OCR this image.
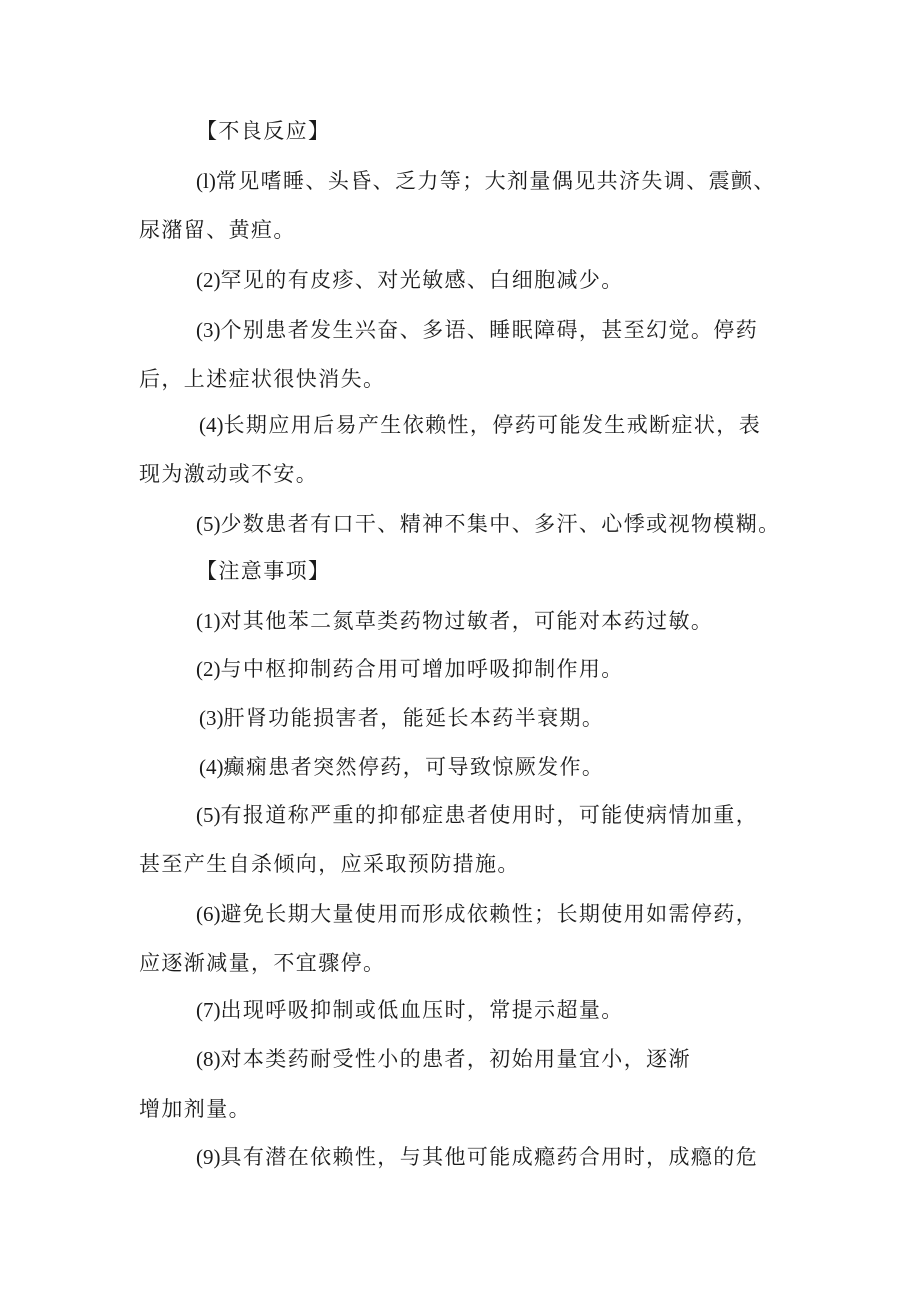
【不良反应】
(l)常见嗜睡、头昏、乏力等；大剂量偶见共济失调、震颤、
尿潴留、黄疸。
(2)罕见的有皮疹、对光敏感、白细胞减少。
(3)个别患者发生兴奋、多语、睡眠障碍，甚至幻觉。停药
后，上述症状很快消失。
(4)长期应用后易产生依赖性，停药可能发生戒断症状，表
现为激动或不安。
(5)少数患者有口干、精神不集中、多汗、心悸或视物模糊。
【注意事项】
(1)对其他苯二氮草类药物过敏者，可能对本药过敏。
(2)与中枢抑制药合用可增加呼吸抑制作用。
(3)肝肾功能损害者，能延长本药半衰期。
(4)癫痫患者突然停药，可导致惊厥发作。
(5)有报道称严重的抑郁症患者使用时，可能使病情加重，
甚至产生自杀倾向，应采取预防措施。
(6)避免长期大量使用而形成依赖性；长期使用如需停药，
应逐渐减量，不宜骤停。
(7)出现呼吸抑制或低血压时，常提示超量。
(8)对本类药耐受性小的患者，初始用量宜小，逐渐
增加剂量。
(9)具有潜在依赖性，与其他可能成瘾药合用时，成瘾的危
